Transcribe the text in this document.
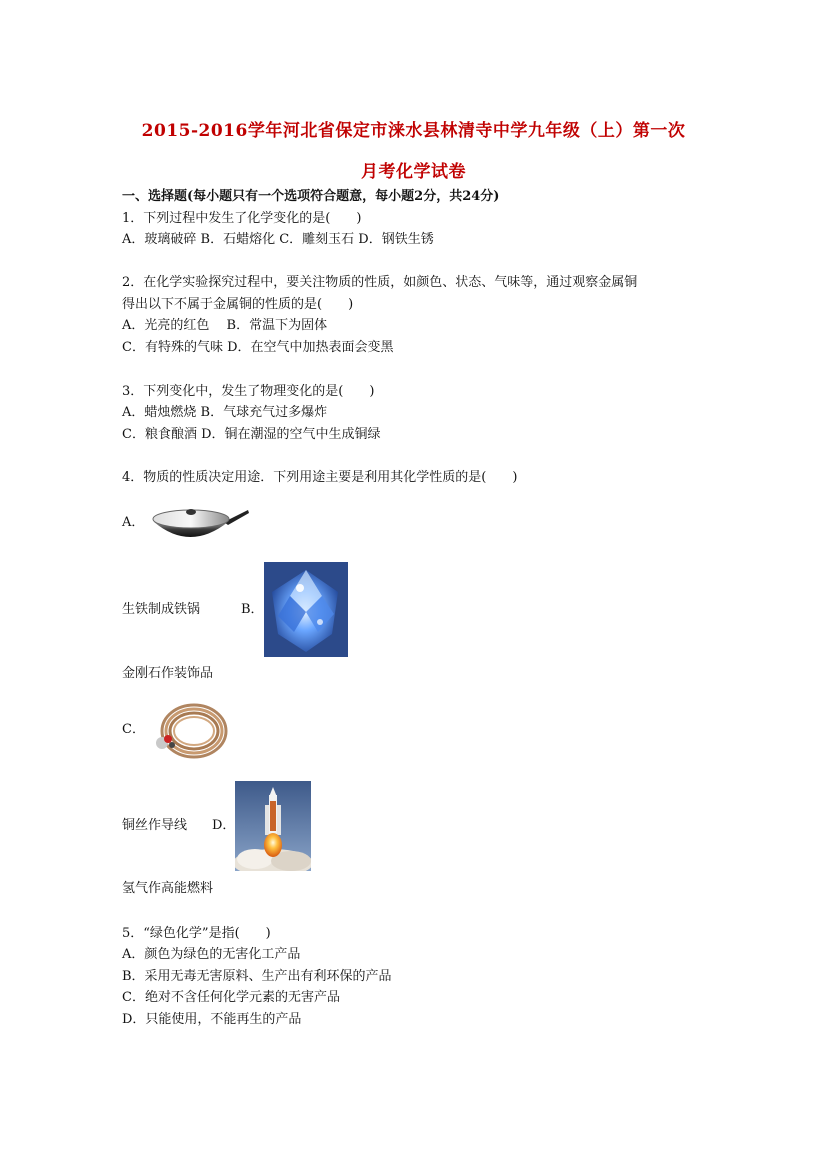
2015-2016学年河北省保定市涞水县林清寺中学九年级（上）第一次
月考化学试卷
一、选择题(每小题只有一个选项符合题意，每小题2分，共24分)
1．下列过程中发生了化学变化的是(　　)
A．玻璃破碎 B．石蜡熔化 C．雕刻玉石 D．钢铁生锈
2．在化学实验探究过程中，要关注物质的性质，如颜色、状态、气味等，通过观察金属铜
得出以下不属于金属铜的性质的是(　　)
A．光亮的红色　 B．常温下为固体
C．有特殊的气味 D．在空气中加热表面会变黑
3．下列变化中，发生了物理变化的是(　　)
A．蜡烛燃烧 B．气球充气过多爆炸
C．粮食酿酒 D．铜在潮湿的空气中生成铜绿
4．物质的性质决定用途．下列用途主要是利用其化学性质的是(　　)
A．
生铁制成铁锅	B．
金刚石作装饰品
C．
铜丝作导线 D．
氢气作高能燃料
5．“绿色化学”是指(　　)
A．颜色为绿色的无害化工产品
B．采用无毒无害原料、生产出有利环保的产品
C．绝对不含任何化学元素的无害产品
D．只能使用，不能再生的产品
